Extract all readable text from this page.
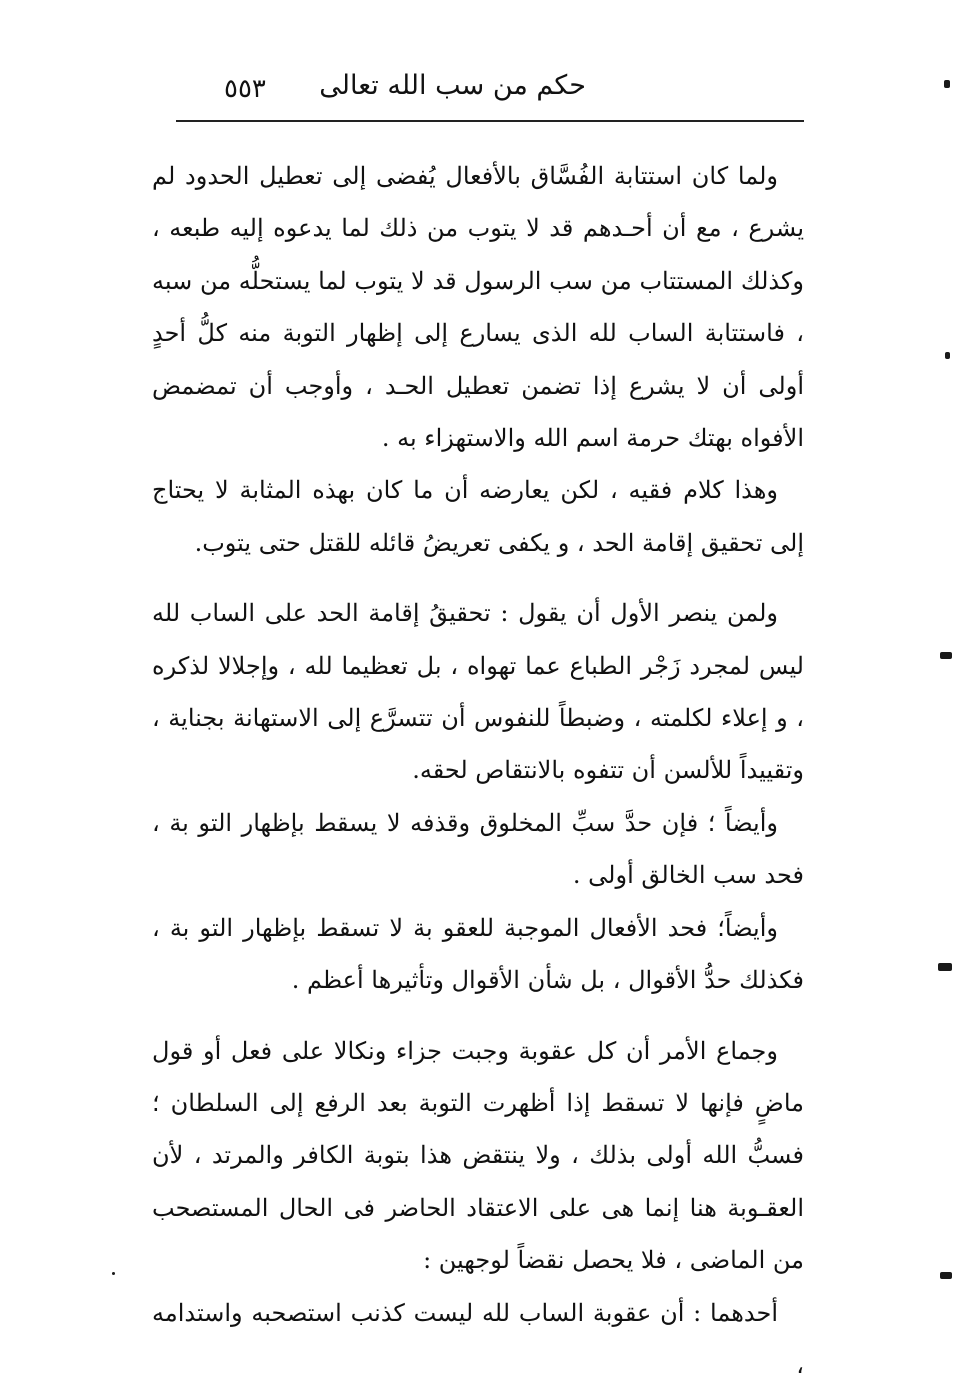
حكم من سب الله تعالى
٥٥٣

ولما كان استتابة الفُسَّاق بالأفعال يُفضى إلى تعطيل الحدود لم يشرع ، مع أن أحـدهم قد لا يتوب من ذلك لما يدعوه إليه طبعه ، وكذلك المستتاب من سب الرسول قد لا يتوب لما يستحلُّه من سبه ، فاستتابة الساب لله الذى يسارع إلى إظهار التوبة منه كلُّ أحدٍ أولى أن لا يشرع إذا تضمن تعطيل الحـد ، وأوجب أن تمضمض الأفواه بهتك حرمة اسم الله والاستهزاء به .

وهذا كلام فقيه ، لكن يعارضه أن ما كان بهذه المثابة لا يحتاج إلى تحقيق إقامة الحد ، و يكفى تعريضُ قائله للقتل حتى يتوب.

ولمن ينصر الأول أن يقول : تحقيقُ إقامة الحد على الساب لله ليس لمجرد زَجْر الطباع عما تهواه ، بل تعظيما لله ، وإجلالا لذكره ، و إعلاء لكلمته ، وضبطاً للنفوس أن تتسرَّع إلى الاستهانة بجناية ، وتقييداً للألسن أن تتفوه بالانتقاص لحقه.

وأيضاً ؛ فإن حدَّ سبِّ المخلوق وقذفه لا يسقط بإظهار التو بة ، فحد سب الخالق أولى .

وأيضاً؛ فحد الأفعال الموجبة للعقو بة لا تسقط بإظهار التو بة ، فكذلك حدُّ الأقوال ، بل شأن الأقوال وتأثيرها أعظم .

وجماع الأمر أن كل عقوبة وجبت جزاء ونكالا على فعل أو قول ماضٍ فإنها لا تسقط إذا أظهرت التوبة بعد الرفع إلى السلطان ؛ فسبُّ الله أولى بذلك ، ولا ينتقض هذا بتوبة الكافر والمرتد ، لأن العقـوبة هنا إنما هى على الاعتقاد الحاضر فى الحال المستصحب من الماضى ، فلا يحصل نقضاً لوجهين :

أحدهما : أن عقوبة الساب لله ليست كذنب استصحبه واستدامه ،
